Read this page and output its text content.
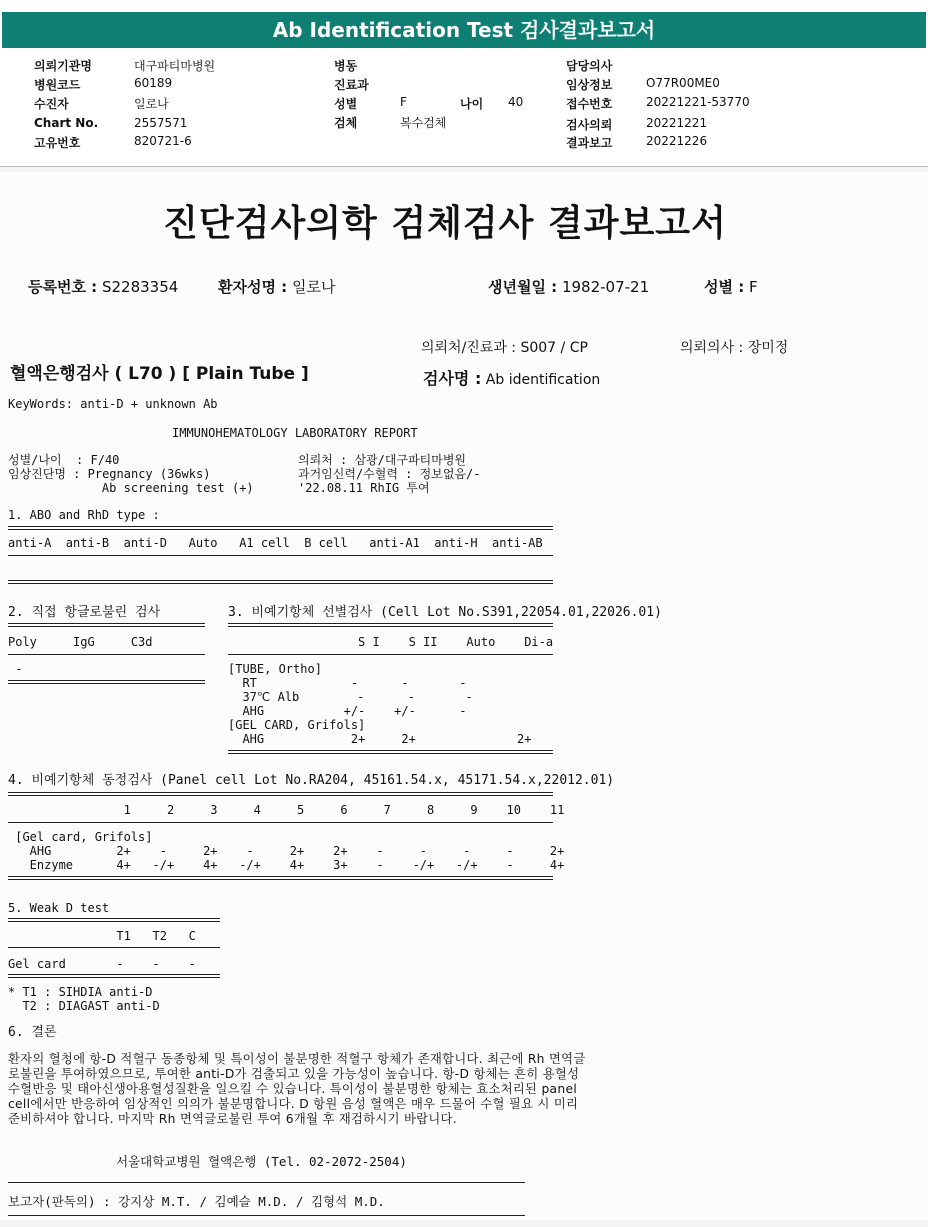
Ab Identification Test 검사결과보고서
의뢰기관명	대구파티마병원
병원코드	60189
수진자	일로나
Chart No.	2557571
고유번호	820721-6
병동
진료과
성별	F	나이 40
검체	복수검체
담당의사
임상정보	O77R00ME0
접수번호	20221221-53770
검사의뢰	20221221
결과보고	20221226
진단검사의학 검체검사 결과보고서
등록번호 : S2283354	환자성명 : 일로나	생년월일 : 1982-07-21	성별 : F
의뢰처/진료과 : S007 / CP	의뢰의사 : 장미정
혈액은행검사 ( L70 ) [ Plain Tube ]	검사명 : Ab identification
KeyWords: anti-D + unknown Ab
IMMUNOHEMATOLOGY LABORATORY REPORT
성별/나이  : F/40
임상진단명 : Pregnancy (36wks)
Ab screening test (+)
의뢰처 : 삼광/대구파티마병원
과거임신력/수혈력 : 정보없음/-
'22.08.11 RhIG 투여
1. ABO and RhD type :
anti-A  anti-B  anti-D   Auto   A1 cell  B cell   anti-A1  anti-H  anti-AB
2. 직접 항글로불린 검사
Poly     IgG     C3d
-
3. 비예기항체 선별검사 (Cell Lot No.S391,22054.01,22026.01)
S I    S II    Auto    Di-a
[TUBE, Ortho]
RT             -      -       -
37℃ Alb        -      -       -
AHG           +/-    +/-      -
[GEL CARD, Grifols]
AHG            2+     2+              2+
4. 비예기항체 동정검사 (Panel cell Lot No.RA204, 45161.54.x, 45171.54.x,22012.01)
1     2     3     4     5     6     7     8     9    10    11
[Gel card, Grifols]
AHG         2+    -     2+    -     2+    2+    -     -     -     -     2+
Enzyme      4+   -/+    4+   -/+    4+    3+    -    -/+   -/+    -     4+
5. Weak D test
T1   T2   C
Gel card       -    -    -
* T1 : SIHDIA anti-D
T2 : DIAGAST anti-D
6. 결론
환자의 혈청에 항-D 적혈구 동종항체 및 특이성이 불분명한 적혈구 항체가 존재합니다. 최근에 Rh 면역글로불린을 투여하였으므로, 투여한 anti-D가 검출되고 있을 가능성이 높습니다. 항-D 항체는 흔히 용혈성수혈반응 및 태아신생아용혈성질환을 일으킬 수 있습니다. 특이성이 불분명한 항체는 효소처리된 panel cell에서만 반응하여 임상적인 의의가 불분명합니다. D 항원 음성 혈액은 매우 드물어 수혈 필요 시 미리 준비하셔야 합니다. 마지막 Rh 면역글로불린 투여 6개월 후 재검하시기 바랍니다.
서울대학교병원 혈액은행 (Tel. 02-2072-2504)
보고자(판독의) : 강지상 M.T. / 김예슬 M.D. / 김형석 M.D.
